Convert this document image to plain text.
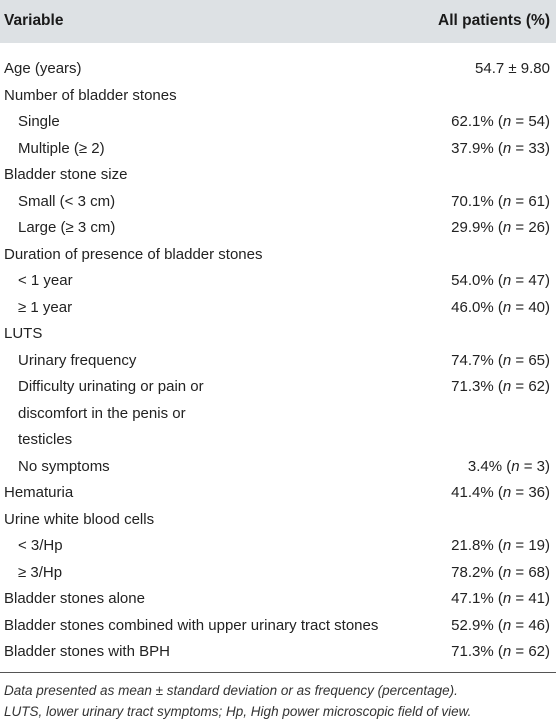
Variable	All patients (%)
Age (years)	54.7 ± 9.80
Number of bladder stones
Single	62.1% (n = 54)
Multiple (≥ 2)	37.9% (n = 33)
Bladder stone size
Small (< 3 cm)	70.1% (n = 61)
Large (≥ 3 cm)	29.9% (n = 26)
Duration of presence of bladder stones
< 1 year	54.0% (n = 47)
≥ 1 year	46.0% (n = 40)
LUTS
Urinary frequency	74.7% (n = 65)
Difficulty urinating or pain or	71.3% (n = 62)
discomfort in the penis or
testicles
No symptoms	3.4% (n = 3)
Hematuria	41.4% (n = 36)
Urine white blood cells
< 3/Hp	21.8% (n = 19)
≥ 3/Hp	78.2% (n = 68)
Bladder stones alone	47.1% (n = 41)
Bladder stones combined with upper urinary tract stones	52.9% (n = 46)
Bladder stones with BPH	71.3% (n = 62)
Data presented as mean ± standard deviation or as frequency (percentage).
LUTS, lower urinary tract symptoms; Hp, High power microscopic field of view.
